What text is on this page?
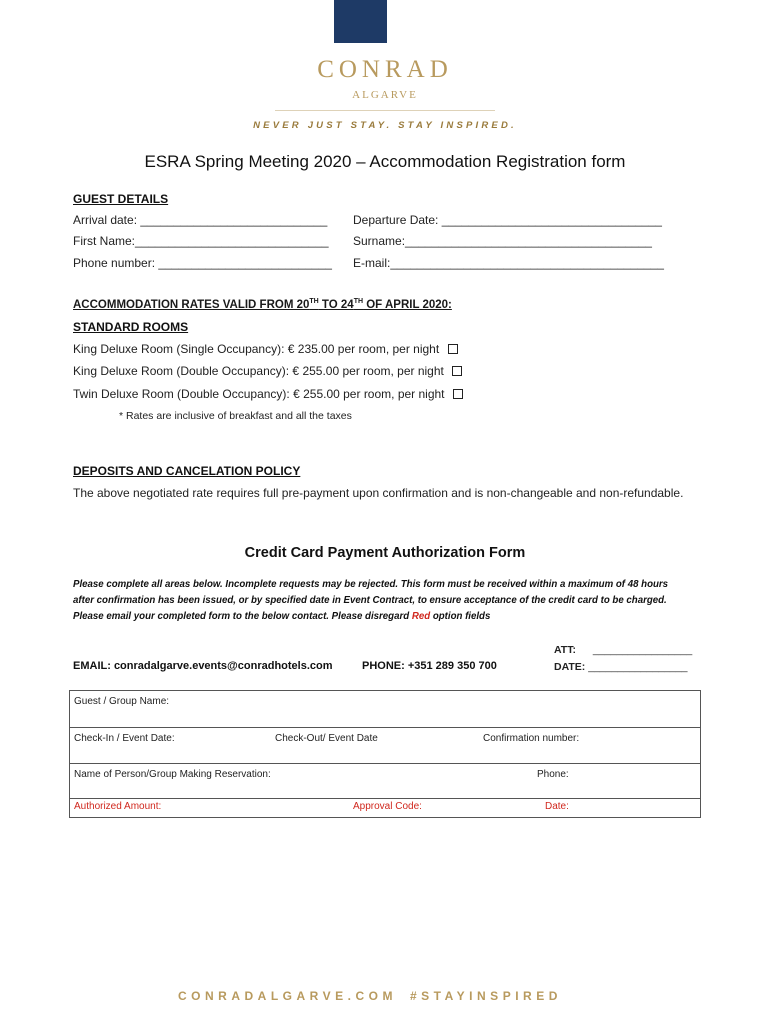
CONRAD
ALGARVE
NEVER JUST STAY. STAY INSPIRED.
ESRA Spring Meeting 2020 – Accommodation Registration form
GUEST DETAILS
Arrival date: ____________________________ Departure Date: _________________________________
First Name:_____________________________ Surname:_____________________________________
Phone number: __________________________ E-mail:_________________________________________
ACCOMMODATION RATES VALID FROM 20TH TO 24TH OF APRIL 2020:
STANDARD ROOMS
King Deluxe Room (Single Occupancy): € 235.00 per room, per night
King Deluxe Room (Double Occupancy): € 255.00 per room, per night
Twin Deluxe Room (Double Occupancy): € 255.00 per room, per night
* Rates are inclusive of breakfast and all the taxes
DEPOSITS AND CANCELATION POLICY
The above negotiated rate requires full pre-payment upon confirmation and is non-changeable and non-refundable.
Credit Card Payment Authorization Form
Please complete all areas below. Incomplete requests may be rejected. This form must be received within a maximum of 48 hours after confirmation has been issued, or by specified date in Event Contract, to ensure acceptance of the credit card to be charged. Please email your completed form to the below contact. Please disregard Red option fields
ATT: _________________
EMAIL: conradalgarve.events@conradhotels.com	PHONE: +351 289 350 700	DATE: _________________
Guest / Group Name:

Check-In / Event Date:	Check-Out/ Event Date	Confirmation number:

Name of Person/Group Making Reservation:	Phone:

Authorized Amount:	Approval Code:	Date:
CONRADALGARVE.COM #STAYINSPIRED
